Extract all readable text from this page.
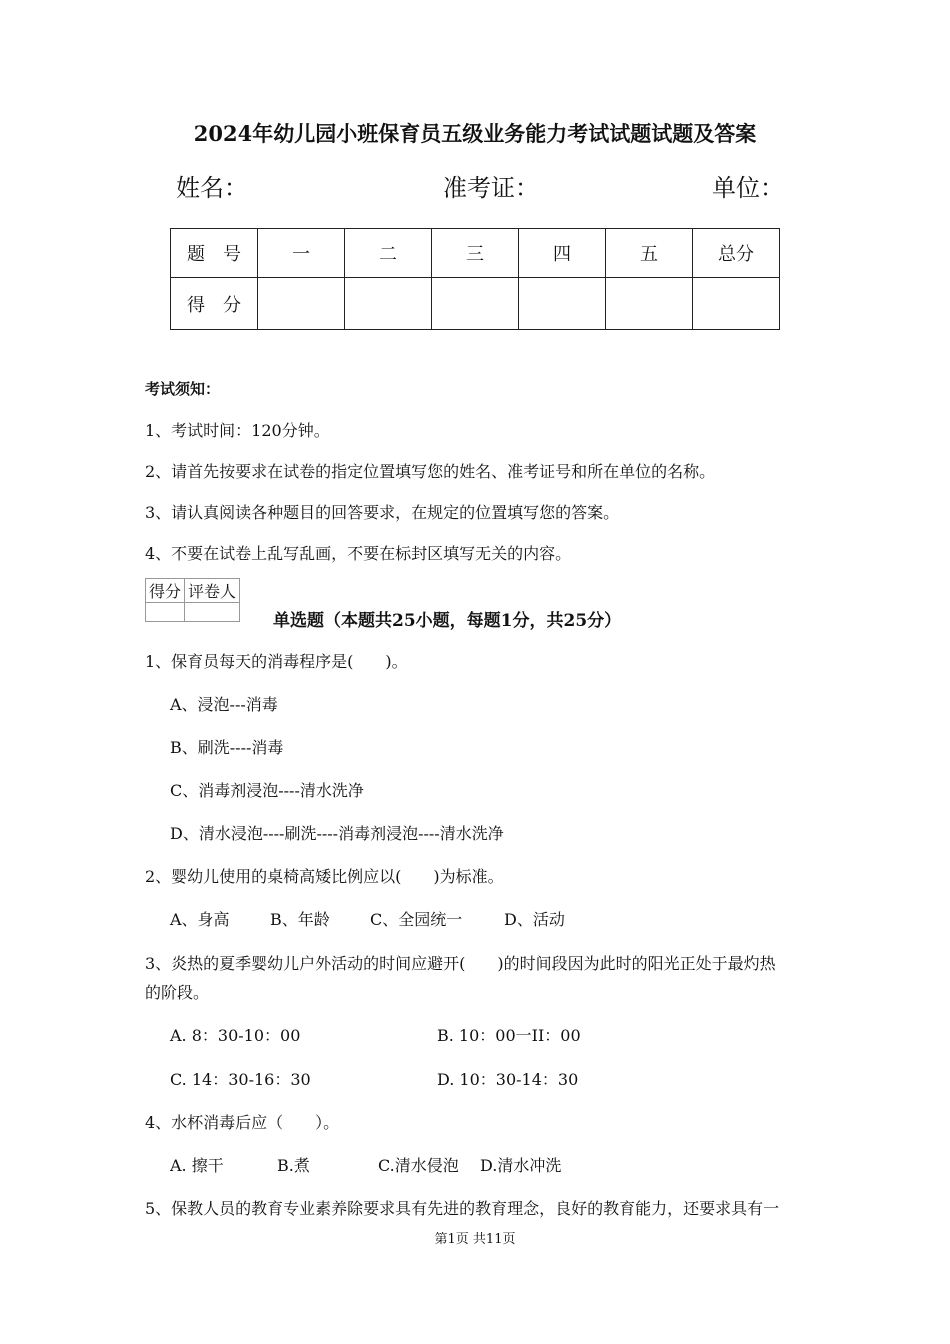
2024年幼儿园小班保育员五级业务能力考试试题试题及答案
姓名：	准考证：	单位：
题　号	一	二	三	四	五	总分
得　分						
考试须知：
1、考试时间：120分钟。
2、请首先按要求在试卷的指定位置填写您的姓名、准考证号和所在单位的名称。
3、请认真阅读各种题目的回答要求，在规定的位置填写您的答案。
4、不要在试卷上乱写乱画，不要在标封区填写无关的内容。
得分	评卷人

单选题（本题共25小题，每题1分，共25分）
1、保育员每天的消毒程序是(　　)。
A、浸泡---消毒
B、刷洗----消毒
C、消毒剂浸泡----清水洗净
D、清水浸泡----刷洗----消毒剂浸泡----清水洗净
2、婴幼儿使用的桌椅高矮比例应以(　　)为标准。
A、身高	B、年龄	C、全园统一	D、活动
3、炎热的夏季婴幼儿户外活动的时间应避开(　　)的时间段因为此时的阳光正处于最灼热
的阶段。
A. 8：30-10：00	B. 10：00一II：00
C. 14：30-16：30	D. 10：30-14：30
4、水杯消毒后应（　　）。
A. 擦干	B.煮	C.清水侵泡 D.清水冲洗
5、保教人员的教育专业素养除要求具有先进的教育理念，良好的教育能力，还要求具有一
第1页 共11页
